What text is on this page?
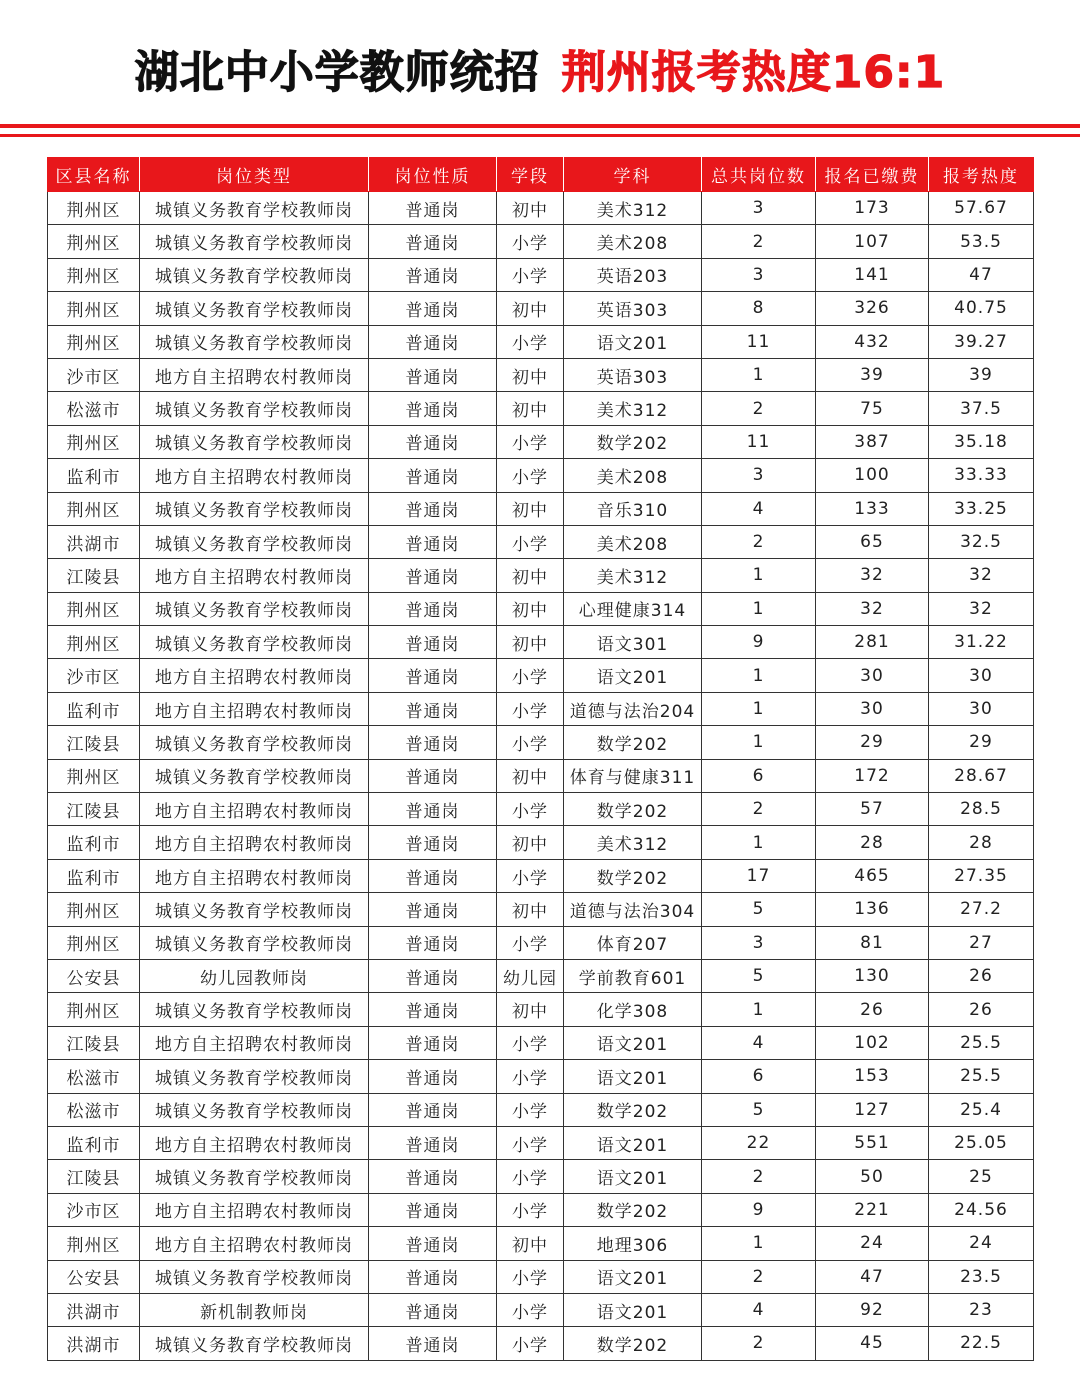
湖北中小学教师统招 荆州报考热度16:1
区县名称	岗位类型	岗位性质	学段	学科	总共岗位数	报名已缴费	报考热度
荆州区	城镇义务教育学校教师岗	普通岗	初中	美术312	3	173	57.67
荆州区	城镇义务教育学校教师岗	普通岗	小学	美术208	2	107	53.5
荆州区	城镇义务教育学校教师岗	普通岗	小学	英语203	3	141	47
荆州区	城镇义务教育学校教师岗	普通岗	初中	英语303	8	326	40.75
荆州区	城镇义务教育学校教师岗	普通岗	小学	语文201	11	432	39.27
沙市区	地方自主招聘农村教师岗	普通岗	初中	英语303	1	39	39
松滋市	城镇义务教育学校教师岗	普通岗	初中	美术312	2	75	37.5
荆州区	城镇义务教育学校教师岗	普通岗	小学	数学202	11	387	35.18
监利市	地方自主招聘农村教师岗	普通岗	小学	美术208	3	100	33.33
荆州区	城镇义务教育学校教师岗	普通岗	初中	音乐310	4	133	33.25
洪湖市	城镇义务教育学校教师岗	普通岗	小学	美术208	2	65	32.5
江陵县	地方自主招聘农村教师岗	普通岗	初中	美术312	1	32	32
荆州区	城镇义务教育学校教师岗	普通岗	初中	心理健康314	1	32	32
荆州区	城镇义务教育学校教师岗	普通岗	初中	语文301	9	281	31.22
沙市区	地方自主招聘农村教师岗	普通岗	小学	语文201	1	30	30
监利市	地方自主招聘农村教师岗	普通岗	小学	道德与法治204	1	30	30
江陵县	城镇义务教育学校教师岗	普通岗	小学	数学202	1	29	29
荆州区	城镇义务教育学校教师岗	普通岗	初中	体育与健康311	6	172	28.67
江陵县	地方自主招聘农村教师岗	普通岗	小学	数学202	2	57	28.5
监利市	地方自主招聘农村教师岗	普通岗	初中	美术312	1	28	28
监利市	地方自主招聘农村教师岗	普通岗	小学	数学202	17	465	27.35
荆州区	城镇义务教育学校教师岗	普通岗	初中	道德与法治304	5	136	27.2
荆州区	城镇义务教育学校教师岗	普通岗	小学	体育207	3	81	27
公安县	幼儿园教师岗	普通岗	幼儿园	学前教育601	5	130	26
荆州区	城镇义务教育学校教师岗	普通岗	初中	化学308	1	26	26
江陵县	地方自主招聘农村教师岗	普通岗	小学	语文201	4	102	25.5
松滋市	城镇义务教育学校教师岗	普通岗	小学	语文201	6	153	25.5
松滋市	城镇义务教育学校教师岗	普通岗	小学	数学202	5	127	25.4
监利市	地方自主招聘农村教师岗	普通岗	小学	语文201	22	551	25.05
江陵县	城镇义务教育学校教师岗	普通岗	小学	语文201	2	50	25
沙市区	地方自主招聘农村教师岗	普通岗	小学	数学202	9	221	24.56
荆州区	地方自主招聘农村教师岗	普通岗	初中	地理306	1	24	24
公安县	城镇义务教育学校教师岗	普通岗	小学	语文201	2	47	23.5
洪湖市	新机制教师岗	普通岗	小学	语文201	4	92	23
洪湖市	城镇义务教育学校教师岗	普通岗	小学	数学202	2	45	22.5
